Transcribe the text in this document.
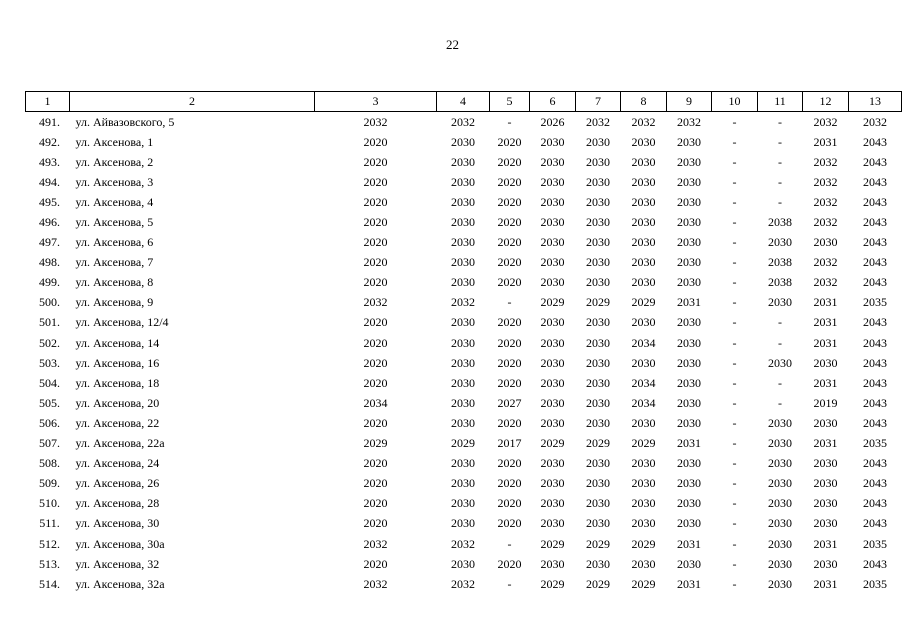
22
1	2	3	4	5	6	7	8	9	10	11	12	13
491.	ул. Айвазовского, 5	2032	2032	-	2026	2032	2032	2032	-	-	2032	2032
492.	ул. Аксенова, 1	2020	2030	2020	2030	2030	2030	2030	-	-	2031	2043
493.	ул. Аксенова, 2	2020	2030	2020	2030	2030	2030	2030	-	-	2032	2043
494.	ул. Аксенова, 3	2020	2030	2020	2030	2030	2030	2030	-	-	2032	2043
495.	ул. Аксенова, 4	2020	2030	2020	2030	2030	2030	2030	-	-	2032	2043
496.	ул. Аксенова, 5	2020	2030	2020	2030	2030	2030	2030	-	2038	2032	2043
497.	ул. Аксенова, 6	2020	2030	2020	2030	2030	2030	2030	-	2030	2030	2043
498.	ул. Аксенова, 7	2020	2030	2020	2030	2030	2030	2030	-	2038	2032	2043
499.	ул. Аксенова, 8	2020	2030	2020	2030	2030	2030	2030	-	2038	2032	2043
500.	ул. Аксенова, 9	2032	2032	-	2029	2029	2029	2031	-	2030	2031	2035
501.	ул. Аксенова, 12/4	2020	2030	2020	2030	2030	2030	2030	-	-	2031	2043
502.	ул. Аксенова, 14	2020	2030	2020	2030	2030	2034	2030	-	-	2031	2043
503.	ул. Аксенова, 16	2020	2030	2020	2030	2030	2030	2030	-	2030	2030	2043
504.	ул. Аксенова, 18	2020	2030	2020	2030	2030	2034	2030	-	-	2031	2043
505.	ул. Аксенова, 20	2034	2030	2027	2030	2030	2034	2030	-	-	2019	2043
506.	ул. Аксенова, 22	2020	2030	2020	2030	2030	2030	2030	-	2030	2030	2043
507.	ул. Аксенова, 22а	2029	2029	2017	2029	2029	2029	2031	-	2030	2031	2035
508.	ул. Аксенова, 24	2020	2030	2020	2030	2030	2030	2030	-	2030	2030	2043
509.	ул. Аксенова, 26	2020	2030	2020	2030	2030	2030	2030	-	2030	2030	2043
510.	ул. Аксенова, 28	2020	2030	2020	2030	2030	2030	2030	-	2030	2030	2043
511.	ул. Аксенова, 30	2020	2030	2020	2030	2030	2030	2030	-	2030	2030	2043
512.	ул. Аксенова, 30а	2032	2032	-	2029	2029	2029	2031	-	2030	2031	2035
513.	ул. Аксенова, 32	2020	2030	2020	2030	2030	2030	2030	-	2030	2030	2043
514.	ул. Аксенова, 32а	2032	2032	-	2029	2029	2029	2031	-	2030	2031	2035
